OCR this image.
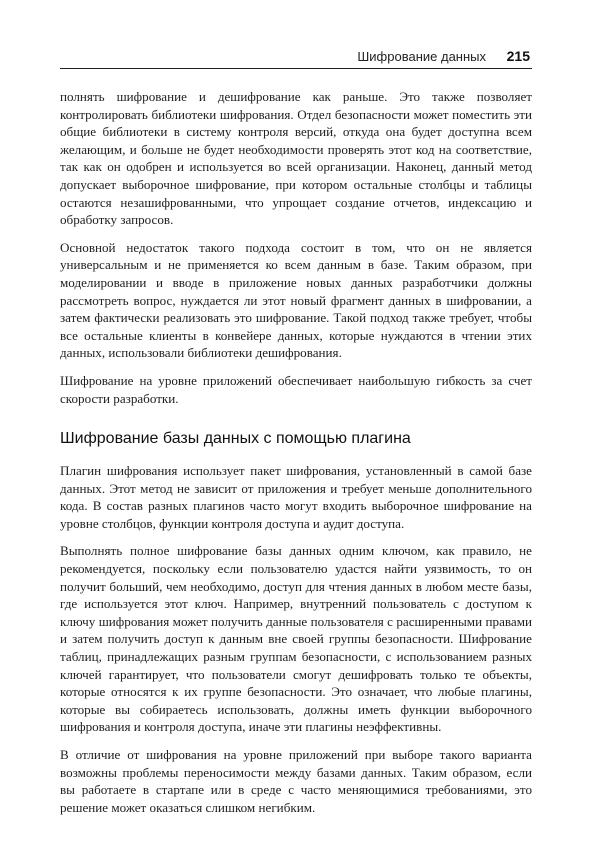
Шифрование данных 215

полнять шифрование и дешифрование как раньше. Это также позволяет контролировать библиотеки шифрования. Отдел безопасности может поместить эти общие библиотеки в систему контроля версий, откуда она будет доступна всем желающим, и больше не будет необходимости проверять этот код на соответствие, так как он одобрен и используется во всей организации. Наконец, данный метод допускает выборочное шифрование, при котором остальные столбцы и таблицы остаются незашифрованными, что упрощает создание отчетов, индексацию и обработку запросов.

Основной недостаток такого подхода состоит в том, что он не является универсальным и не применяется ко всем данным в базе. Таким образом, при моделировании и вводе в приложение новых данных разработчики должны рассмотреть вопрос, нуждается ли этот новый фрагмент данных в шифровании, а затем фактически реализовать это шифрование. Такой подход также требует, чтобы все остальные клиенты в конвейере данных, которые нуждаются в чтении этих данных, использовали библиотеки дешифрования.

Шифрование на уровне приложений обеспечивает наибольшую гибкость за счет скорости разработки.

Шифрование базы данных с помощью плагина

Плагин шифрования использует пакет шифрования, установленный в самой базе данных. Этот метод не зависит от приложения и требует меньше дополнительного кода. В состав разных плагинов часто могут входить выборочное шифрование на уровне столбцов, функции контроля доступа и аудит доступа.

Выполнять полное шифрование базы данных одним ключом, как правило, не рекомендуется, поскольку если пользователю удастся найти уязвимость, то он получит больший, чем необходимо, доступ для чтения данных в любом месте базы, где используется этот ключ. Например, внутренний пользователь с доступом к ключу шифрования может получить данные пользователя с расширенными правами и затем получить доступ к данным вне своей группы безопасности. Шифрование таблиц, принадлежащих разным группам безопасности, с использованием разных ключей гарантирует, что пользователи смогут дешифровать только те объекты, которые относятся к их группе безопасности. Это означает, что любые плагины, которые вы собираетесь использовать, должны иметь функции выборочного шифрования и контроля доступа, иначе эти плагины неэффективны.

В отличие от шифрования на уровне приложений при выборе такого варианта возможны проблемы переносимости между базами данных. Таким образом, если вы работаете в стартапе или в среде с часто меняющимися требованиями, это решение может оказаться слишком негибким.
